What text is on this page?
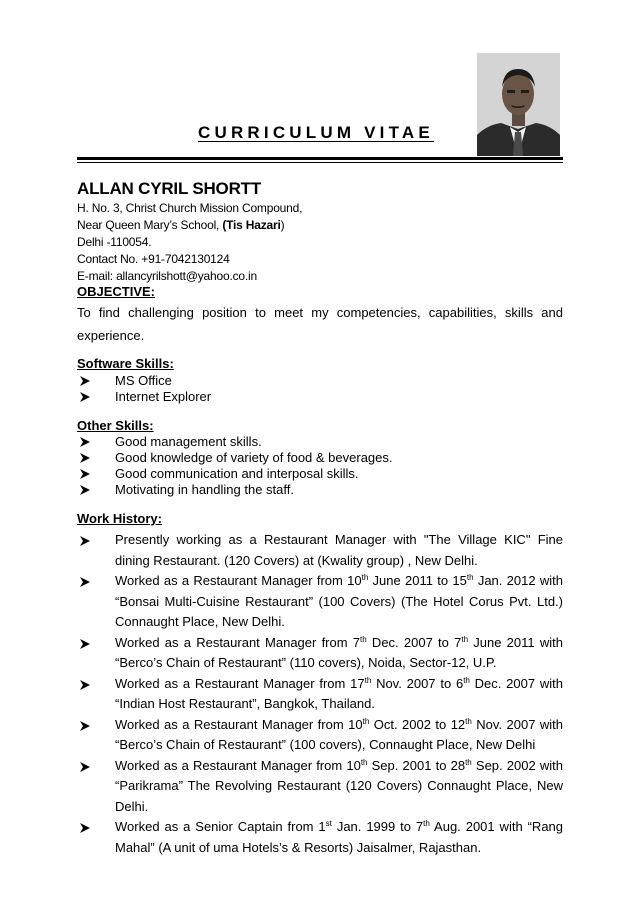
CURRICULUM VITAE
ALLAN CYRIL SHORTT
H. No. 3, Christ Church Mission Compound,
Near Queen Mary’s School, (Tis Hazari)
Delhi -110054.
Contact No. +91-7042130124
E-mail: allancyrilshott@yahoo.co.in
OBJECTIVE:
To find challenging position to meet my competencies, capabilities, skills and experience.
Software Skills:
MS Office
Internet Explorer
Other Skills:
Good management skills.
Good knowledge of variety of food & beverages.
Good communication and interposal skills.
Motivating in handling the staff.
Work History:
Presently working as a Restaurant Manager with "The Village KIC" Fine dining Restaurant. (120 Covers) at (Kwality group) , New Delhi.
Worked as a Restaurant Manager from 10th June 2011 to 15th Jan. 2012 with “Bonsai Multi-Cuisine Restaurant” (100 Covers) (The Hotel Corus Pvt. Ltd.) Connaught Place, New Delhi.
Worked as a Restaurant Manager from 7th Dec. 2007 to 7th June 2011 with “Berco’s Chain of Restaurant” (110 covers), Noida, Sector-12, U.P.
Worked as a Restaurant Manager from 17th Nov. 2007 to 6th Dec. 2007 with “Indian Host Restaurant”, Bangkok, Thailand.
Worked as a Restaurant Manager from 10th Oct. 2002 to 12th Nov. 2007 with “Berco’s Chain of Restaurant” (100 covers), Connaught Place, New Delhi
Worked as a Restaurant Manager from 10th Sep. 2001 to 28th Sep. 2002 with “Parikrama” The Revolving Restaurant (120 Covers) Connaught Place, New Delhi.
Worked as a Senior Captain from 1st Jan. 1999 to 7th Aug. 2001 with “Rang Mahal” (A unit of uma Hotels’s & Resorts) Jaisalmer, Rajasthan.
